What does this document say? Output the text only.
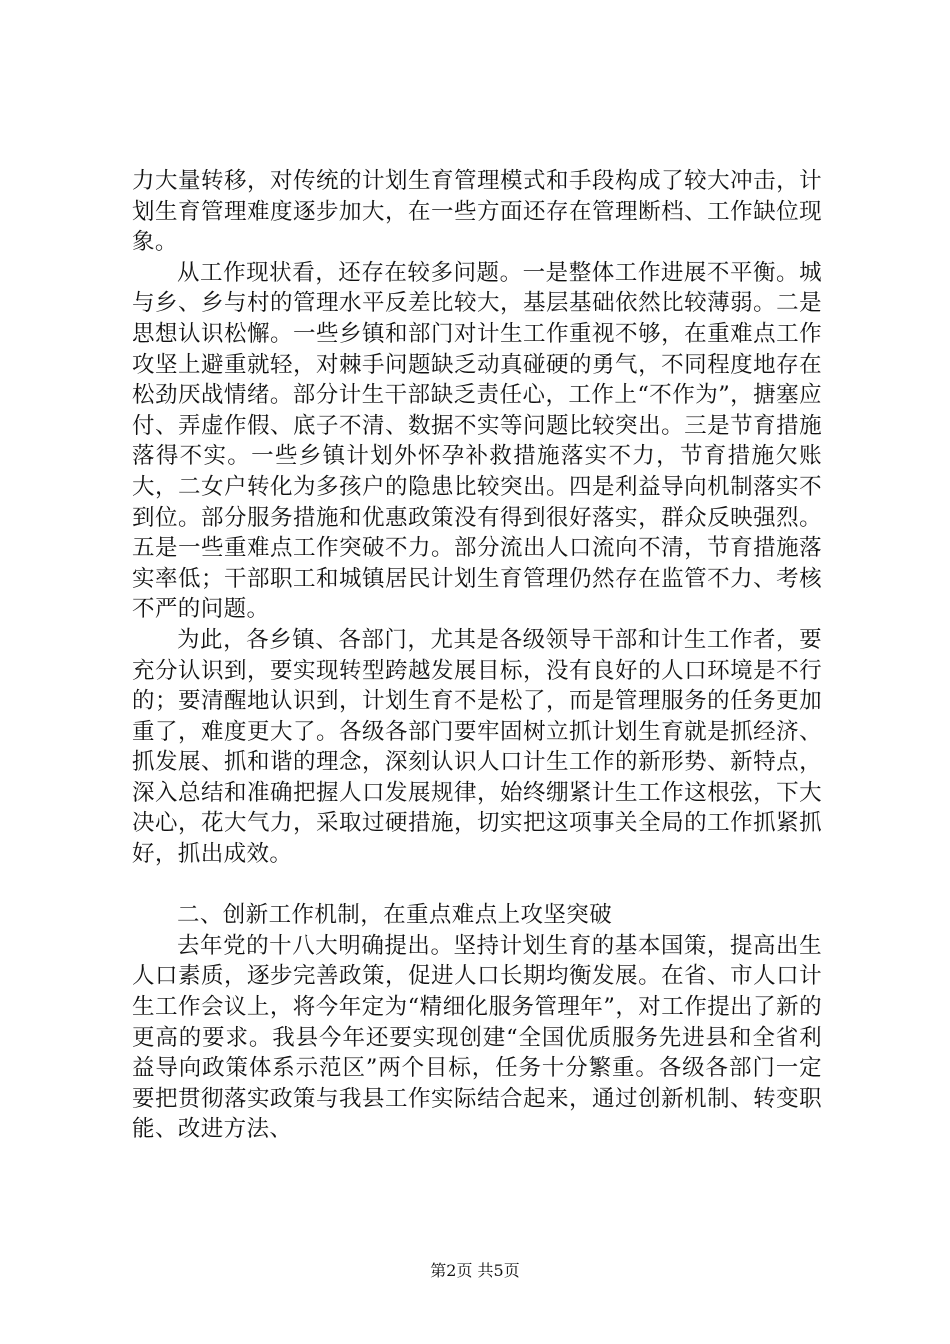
力大量转移，对传统的计划生育管理模式和手段构成了较大冲击，计划生育管理难度逐步加大，在一些方面还存在管理断档、工作缺位现象。

从工作现状看，还存在较多问题。一是整体工作进展不平衡。城与乡、乡与村的管理水平反差比较大，基层基础依然比较薄弱。二是思想认识松懈。一些乡镇和部门对计生工作重视不够，在重难点工作攻坚上避重就轻，对棘手问题缺乏动真碰硬的勇气，不同程度地存在松劲厌战情绪。部分计生干部缺乏责任心，工作上“不作为”，搪塞应付、弄虚作假、底子不清、数据不实等问题比较突出。三是节育措施落得不实。一些乡镇计划外怀孕补救措施落实不力，节育措施欠账大，二女户转化为多孩户的隐患比较突出。四是利益导向机制落实不到位。部分服务措施和优惠政策没有得到很好落实，群众反映强烈。五是一些重难点工作突破不力。部分流出人口流向不清，节育措施落实率低；干部职工和城镇居民计划生育管理仍然存在监管不力、考核不严的问题。

为此，各乡镇、各部门，尤其是各级领导干部和计生工作者，要充分认识到，要实现转型跨越发展目标，没有良好的人口环境是不行的；要清醒地认识到，计划生育不是松了，而是管理服务的任务更加重了，难度更大了。各级各部门要牢固树立抓计划生育就是抓经济、抓发展、抓和谐的理念，深刻认识人口计生工作的新形势、新特点，深入总结和准确把握人口发展规律，始终绷紧计生工作这根弦，下大决心，花大气力，采取过硬措施，切实把这项事关全局的工作抓紧抓好，抓出成效。

二、创新工作机制，在重点难点上攻坚突破

去年党的十八大明确提出。坚持计划生育的基本国策，提高出生人口素质，逐步完善政策，促进人口长期均衡发展。在省、市人口计生工作会议上，将今年定为“精细化服务管理年”，对工作提出了新的更高的要求。我县今年还要实现创建“全国优质服务先进县和全省利益导向政策体系示范区”两个目标，任务十分繁重。各级各部门一定要把贯彻落实政策与我县工作实际结合起来，通过创新机制、转变职能、改进方法、

第2页 共5页
